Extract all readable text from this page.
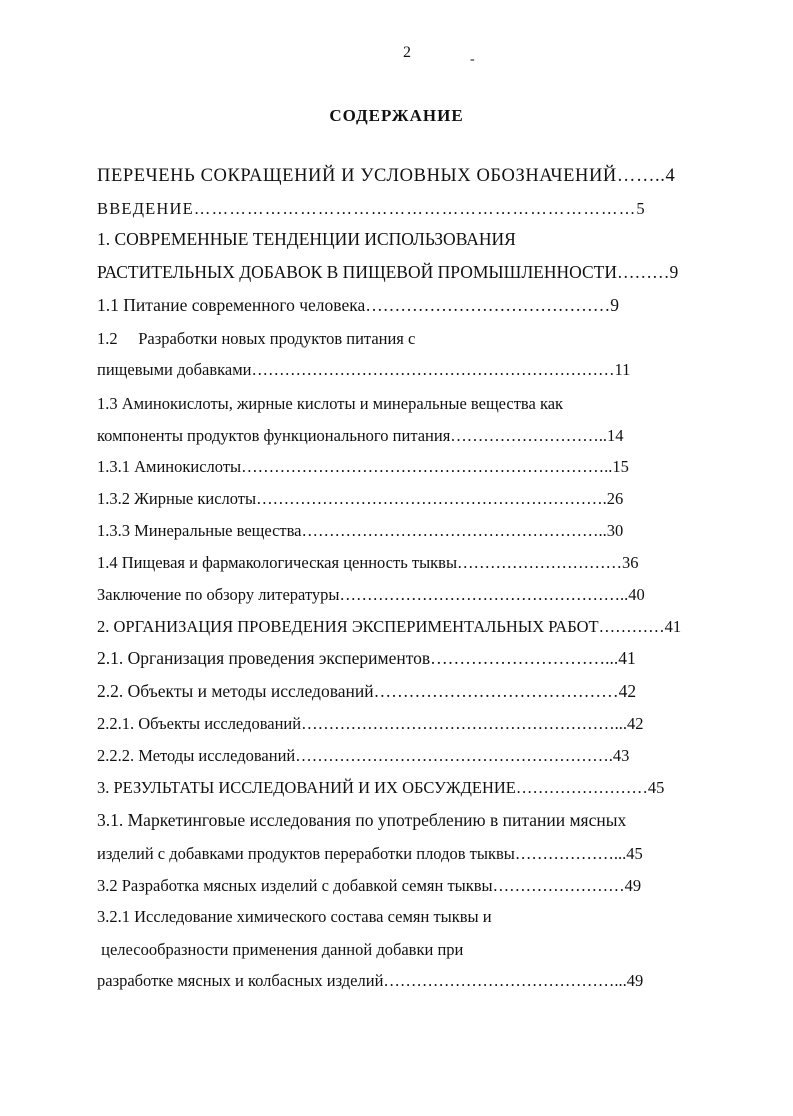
2	-
СОДЕРЖАНИЕ
ПЕРЕЧЕНЬ СОКРАЩЕНИЙ И УСЛОВНЫХ ОБОЗНАЧЕНИЙ……..4
ВВЕДЕНИЕ…………………………………………………………………5
1. СОВРЕМЕННЫЕ ТЕНДЕНЦИИ ИСПОЛЬЗОВАНИЯ
РАСТИТЕЛЬНЫХ ДОБАВОК В ПИЩЕВОЙ ПРОМЫШЛЕННОСТИ………9
1.1 Питание современного человека……………………………………9
1.2     Разработки новых продуктов питания с
пищевыми добавками…………………………………………………………11
1.3 Аминокислоты, жирные кислоты и минеральные вещества как
компоненты продуктов функционального питания………………………..14
1.3.1 Аминокислоты…………………………………………………………..15
1.3.2 Жирные кислоты……………………………………………………….26
1.3.3 Минеральные вещества………………………………………………..30
1.4 Пищевая и фармакологическая ценность тыквы…………………………36
Заключение по обзору литературы……………………………………………..40
2. ОРГАНИЗАЦИЯ ПРОВЕДЕНИЯ ЭКСПЕРИМЕНТАЛЬНЫХ РАБОТ…………41
2.1. Организация проведения экспериментов…………………………...41
2.2. Объекты и методы исследований……………………………………42
2.2.1. Объекты исследований…………………………………………………...42
2.2.2. Методы исследований………………………………………………….43
3. РЕЗУЛЬТАТЫ ИССЛЕДОВАНИЙ И ИХ ОБСУЖДЕНИЕ……………………45
3.1. Маркетинговые исследования по употреблению в питании мясных
изделий с добавками продуктов переработки плодов тыквы………………...45
3.2 Разработка мясных изделий с добавкой семян тыквы……………………49
3.2.1 Исследование химического состава семян тыквы и
целесообразности применения данной добавки при
разработке мясных и колбасных изделий……………………………………...49
